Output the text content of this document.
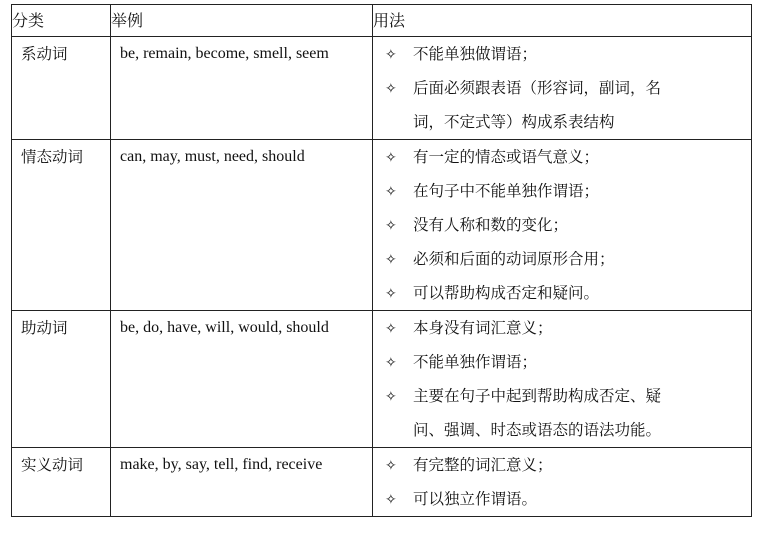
分类	举例	用法
系动词	be, remain, become, smell, seem	✧ 不能单独做谓语；
✧ 后面必须跟表语（形容词，副词，名
词，不定式等）构成系表结构

情态动词	can, may, must, need, should	✧ 有一定的情态或语气意义；
✧ 在句子中不能单独作谓语；
✧ 没有人称和数的变化；
✧ 必须和后面的动词原形合用；
✧ 可以帮助构成否定和疑问。

助动词	be, do, have, will, would, should	✧ 本身没有词汇意义；
✧ 不能单独作谓语；
✧ 主要在句子中起到帮助构成否定、疑
问、强调、时态或语态的语法功能。

实义动词	make, by, say, tell, find, receive	✧ 有完整的词汇意义；
✧ 可以独立作谓语。
